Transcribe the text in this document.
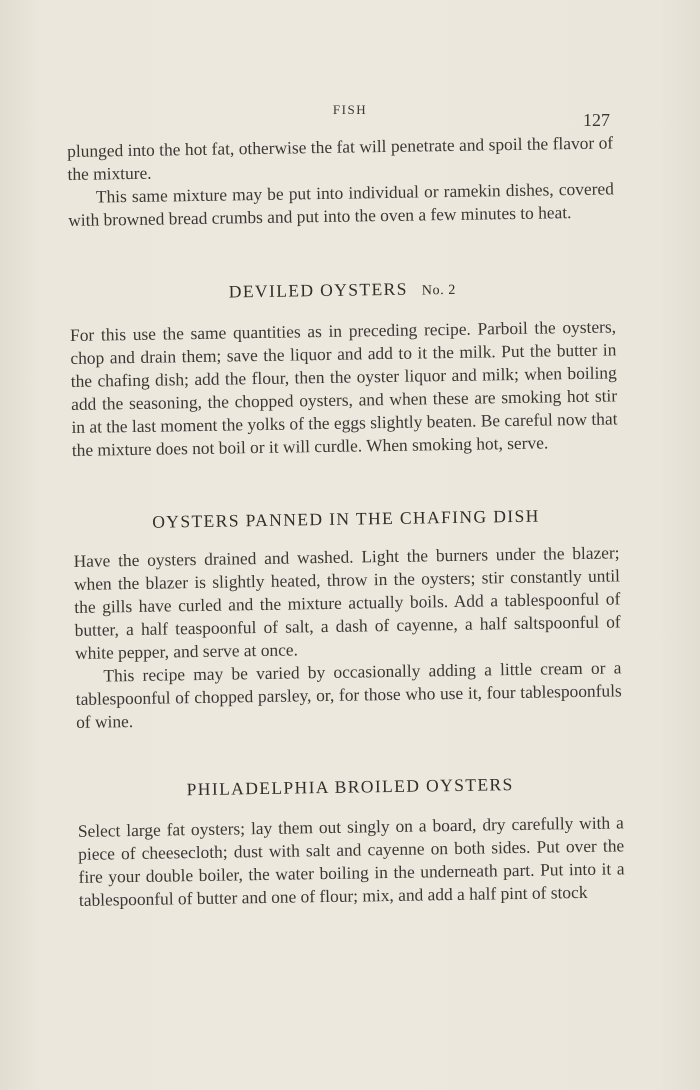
FISH
127

plunged into the hot fat, otherwise the fat will penetrate and spoil the flavor of the mixture.

This same mixture may be put into individual or ramekin dishes, covered with browned bread crumbs and put into the oven a few minutes to heat.

DEVILED OYSTERS No. 2

For this use the same quantities as in preceding recipe. Parboil the oysters, chop and drain them; save the liquor and add to it the milk. Put the butter in the chafing dish; add the flour, then the oyster liquor and milk; when boiling add the seasoning, the chopped oysters, and when these are smoking hot stir in at the last moment the yolks of the eggs slightly beaten. Be careful now that the mixture does not boil or it will curdle. When smoking hot, serve.

OYSTERS PANNED IN THE CHAFING DISH

Have the oysters drained and washed. Light the burners under the blazer; when the blazer is slightly heated, throw in the oysters; stir constantly until the gills have curled and the mixture actually boils. Add a tablespoonful of butter, a half teaspoonful of salt, a dash of cayenne, a half saltspoonful of white pepper, and serve at once.

This recipe may be varied by occasionally adding a little cream or a tablespoonful of chopped parsley, or, for those who use it, four tablespoonfuls of wine.

PHILADELPHIA BROILED OYSTERS

Select large fat oysters; lay them out singly on a board, dry carefully with a piece of cheesecloth; dust with salt and cayenne on both sides. Put over the fire your double boiler, the water boiling in the underneath part. Put into it a tablespoonful of butter and one of flour; mix, and add a half pint of stock
